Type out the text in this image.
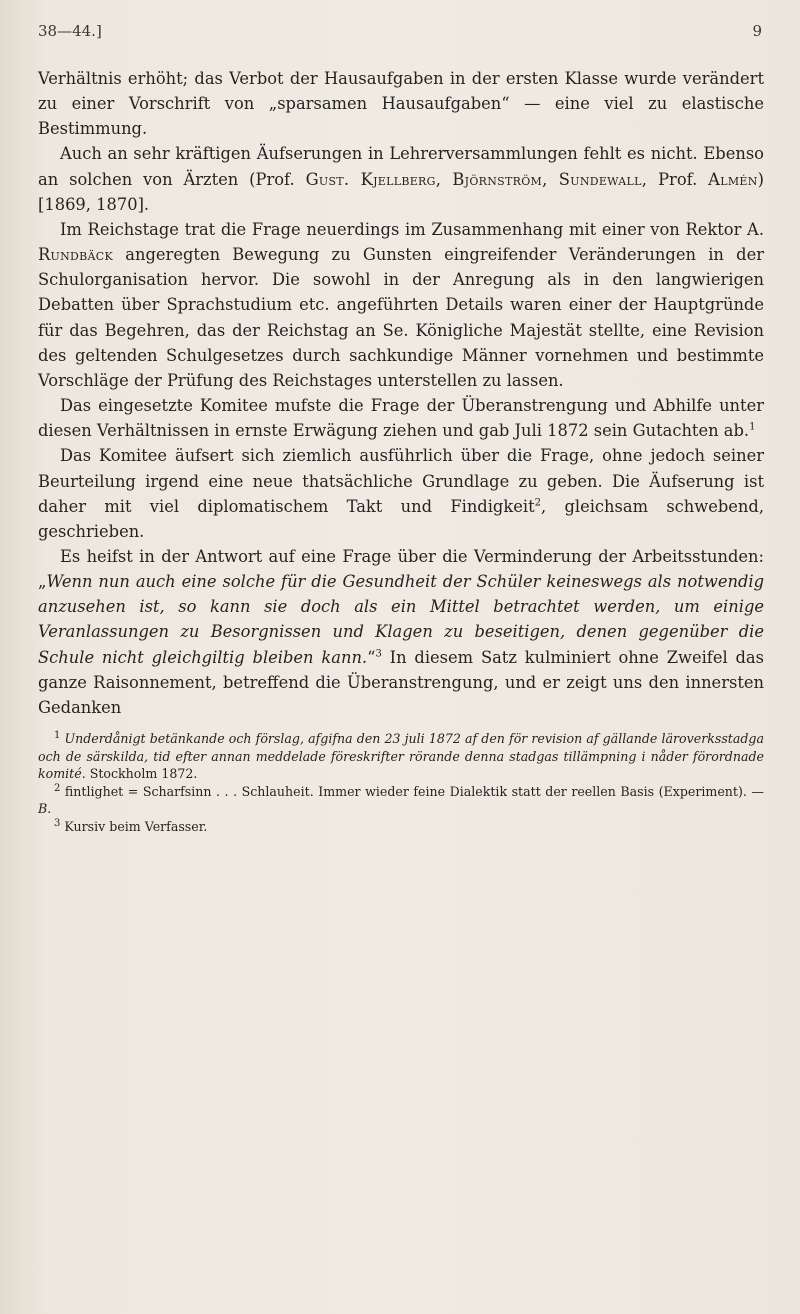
38—44.]	9

Verhältnis erhöht; das Verbot der Hausaufgaben in der ersten Klasse wurde verändert zu einer Vorschrift von „sparsamen Hausaufgaben“ — eine viel zu elastische Bestimmung.

Auch an sehr kräftigen Äufserungen in Lehrerversammlungen fehlt es nicht. Ebenso an solchen von Ärzten (Prof. Gust. Kjellberg, Björnström, Sundewall, Prof. Almén) [1869, 1870].

Im Reichstage trat die Frage neuerdings im Zusammenhang mit einer von Rektor A. Rundbäck angeregten Bewegung zu Gunsten eingreifender Veränderungen in der Schulorganisation hervor. Die sowohl in der Anregung als in den langwierigen Debatten über Sprachstudium etc. angeführten Details waren einer der Hauptgründe für das Begehren, das der Reichstag an Se. Königliche Majestät stellte, eine Revision des geltenden Schulgesetzes durch sachkundige Männer vornehmen und bestimmte Vorschläge der Prüfung des Reichstages unterstellen zu lassen.

Das eingesetzte Komitee mufste die Frage der Überanstrengung und Abhilfe unter diesen Verhältnissen in ernste Erwägung ziehen und gab Juli 1872 sein Gutachten ab.$^1$

Das Komitee äufsert sich ziemlich ausführlich über die Frage, ohne jedoch seiner Beurteilung irgend eine neue thatsächliche Grundlage zu geben. Die Äufserung ist daher mit viel diplomatischem Takt und Findigkeit$^2$, gleichsam schwebend, geschrieben.

Es heifst in der Antwort auf eine Frage über die Verminderung der Arbeitsstunden: „Wenn nun auch eine solche für die Gesundheit der Schüler keineswegs als notwendig anzusehen ist, so kann sie doch als ein Mittel betrachtet werden, um einige Veranlassungen zu Besorgnissen und Klagen zu beseitigen, denen gegenüber die Schule nicht gleichgiltig bleiben kann.“$^3$ In diesem Satz kulminiert ohne Zweifel das ganze Raisonnement, betreffend die Überanstrengung, und er zeigt uns den innersten Gedanken

$^1$ Underdånigt betänkande och förslag, afgifna den 23 juli 1872 af den för revision af gällande läroverksstadga och de särskilda, tid efter annan meddelade föreskrifter rörande denna stadgas tillämpning i nåder förordnade komité. Stockholm 1872.

$^2$ fintlighet = Scharfsinn . . . Schlauheit. Immer wieder feine Dialektik statt der reellen Basis (Experiment). — B.

$^3$ Kursiv beim Verfasser.
